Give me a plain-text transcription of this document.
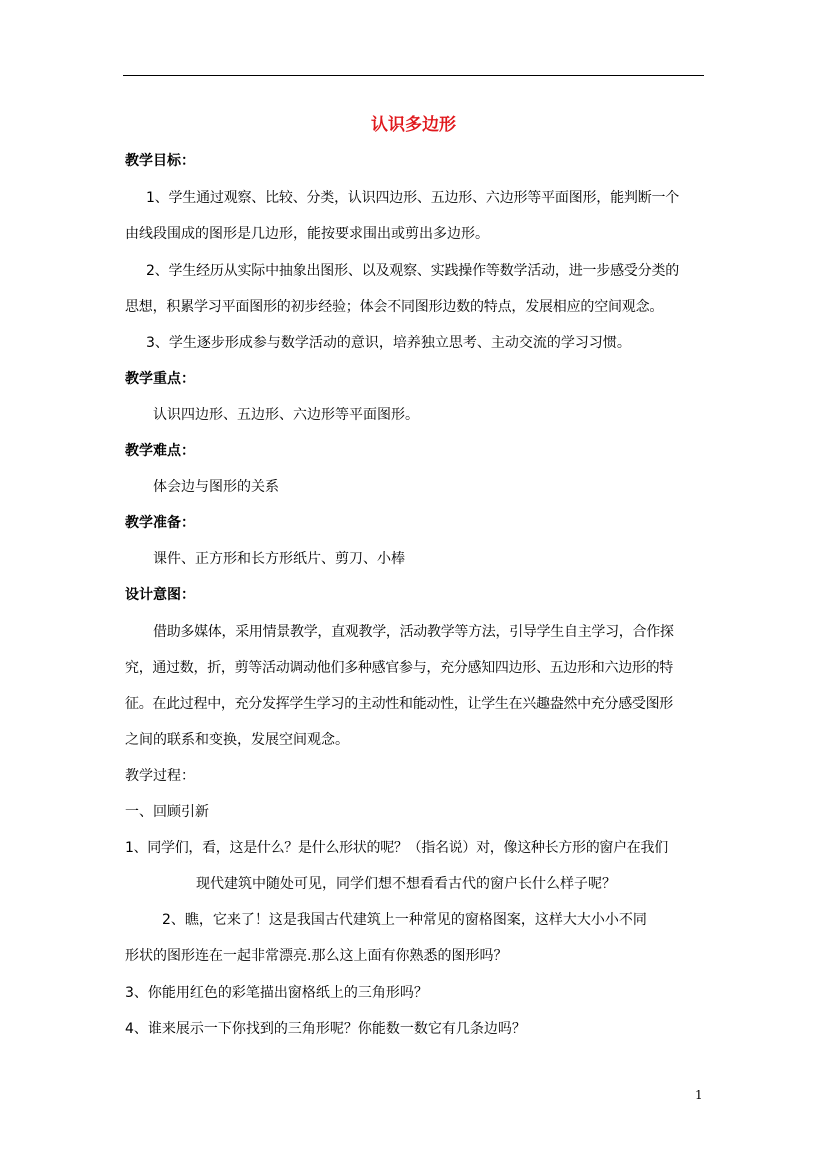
认识多边形
教学目标：
1、学生通过观察、比较、分类，认识四边形、五边形、六边形等平面图形，能判断一个
由线段围成的图形是几边形，能按要求围出或剪出多边形。
2、学生经历从实际中抽象出图形、以及观察、实践操作等数学活动，进一步感受分类的
思想，积累学习平面图形的初步经验；体会不同图形边数的特点，发展相应的空间观念。
3、学生逐步形成参与数学活动的意识，培养独立思考、主动交流的学习习惯。
教学重点：
认识四边形、五边形、六边形等平面图形。
教学难点：
体会边与图形的关系
教学准备：
课件、正方形和长方形纸片、剪刀、小棒
设计意图：
借助多媒体，采用情景教学，直观教学，活动教学等方法，引导学生自主学习，合作探
究，通过数，折，剪等活动调动他们多种感官参与，充分感知四边形、五边形和六边形的特
征。在此过程中，充分发挥学生学习的主动性和能动性，让学生在兴趣盎然中充分感受图形
之间的联系和变换，发展空间观念。
教学过程：
一、回顾引新
1、同学们，看，这是什么？是什么形状的呢？（指名说）对，像这种长方形的窗户在我们
现代建筑中随处可见，同学们想不想看看古代的窗户长什么样子呢？
2、瞧，它来了！这是我国古代建筑上一种常见的窗格图案，这样大大小小不同
形状的图形连在一起非常漂亮.那么这上面有你熟悉的图形吗？
3、你能用红色的彩笔描出窗格纸上的三角形吗？
4、谁来展示一下你找到的三角形呢？你能数一数它有几条边吗？
1
